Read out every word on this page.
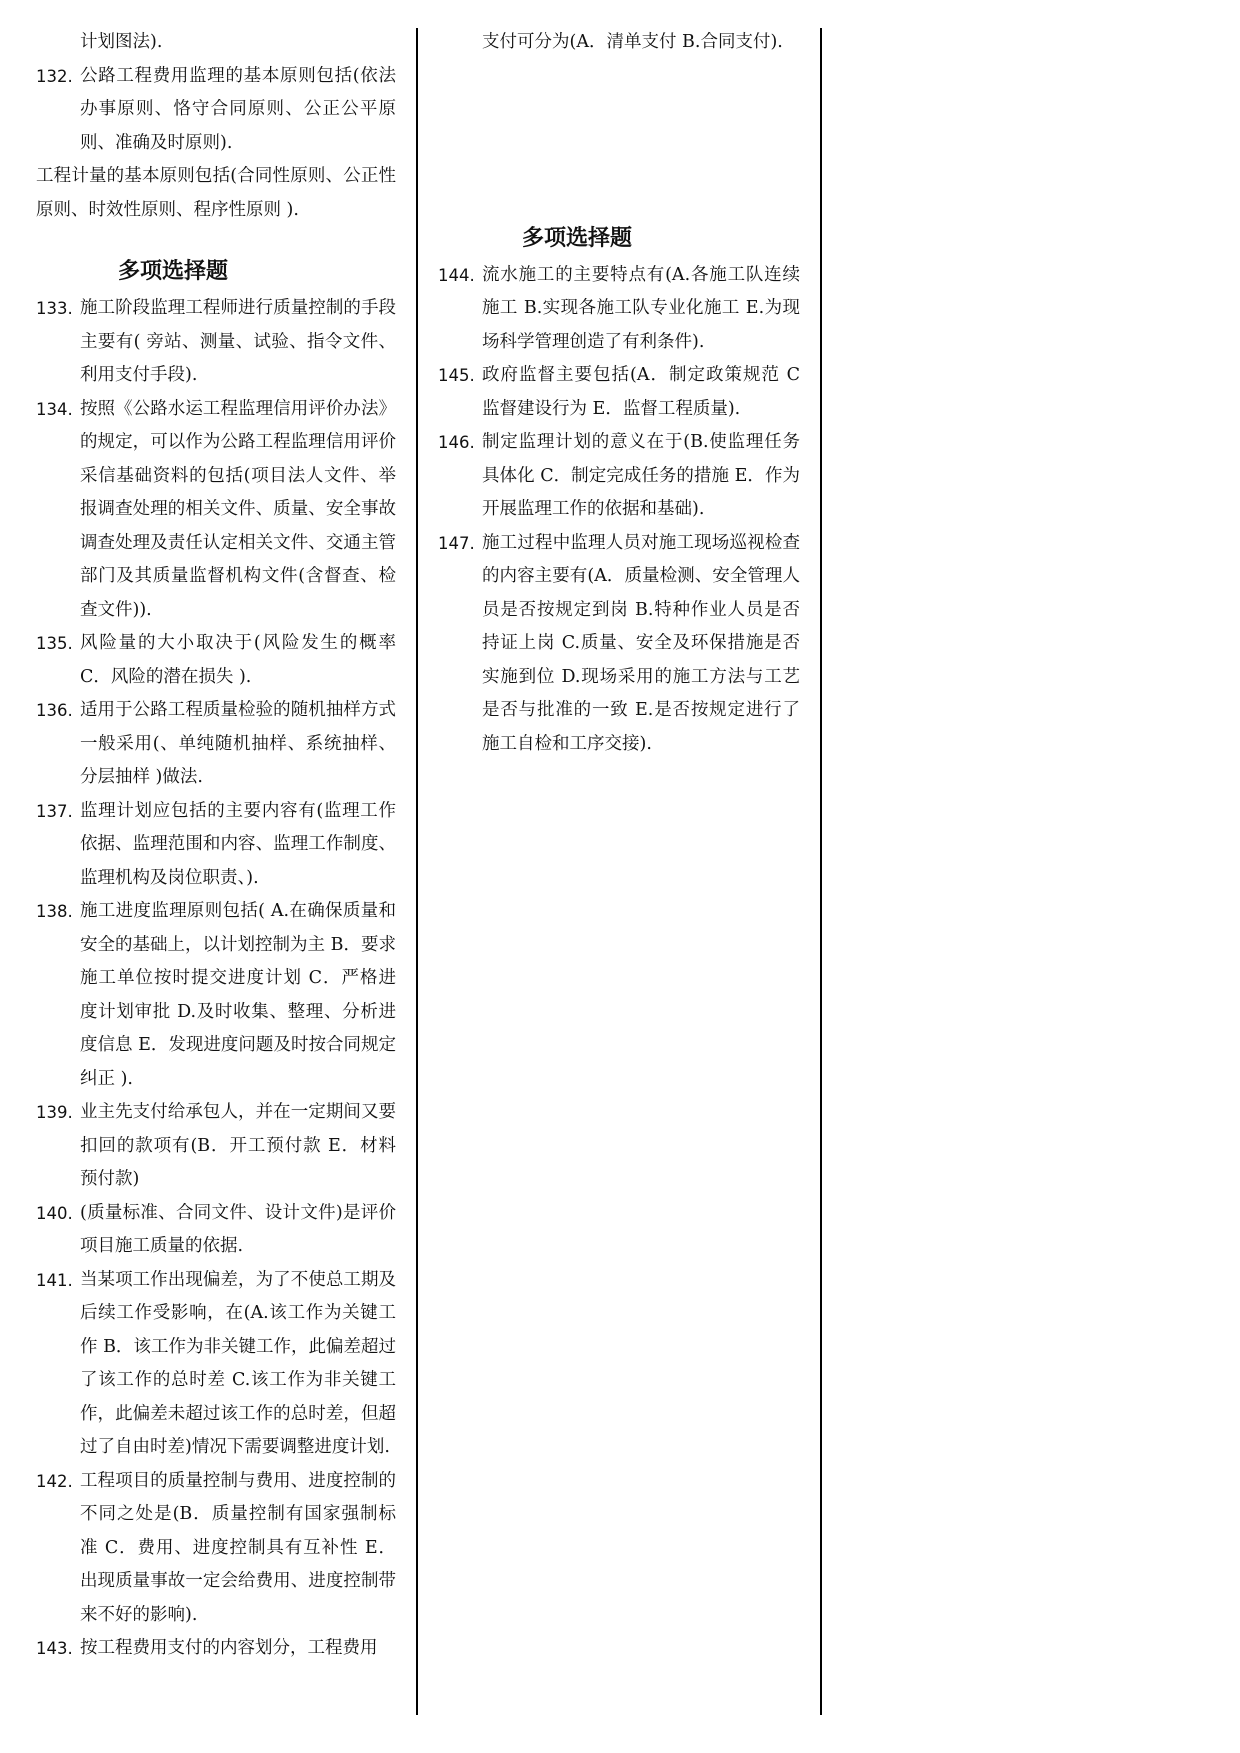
计划图法).
132. 公路工程费用监理的基本原则包括(依法办事原则、恪守合同原则、公正公平原则、准确及时原则).
工程计量的基本原则包括(合同性原则、公正性原则、时效性原则、程序性原则 ).
多项选择题
133. 施工阶段监理工程师进行质量控制的手段主要有( 旁站、测量、试验、指令文件、利用支付手段).
134. 按照《公路水运工程监理信用评价办法》的规定，可以作为公路工程监理信用评价采信基础资料的包括(项目法人文件、举报调查处理的相关文件、质量、安全事故调查处理及责任认定相关文件、交通主管部门及其质量监督机构文件(含督查、检查文件)).
135. 风险量的大小取决于(风险发生的概率 C．风险的潜在损失 ).
136. 适用于公路工程质量检验的随机抽样方式一般采用(、单纯随机抽样、系统抽样、分层抽样 )做法.
137. 监理计划应包括的主要内容有(监理工作依据、监理范围和内容、监理工作制度、监理机构及岗位职责、).
138. 施工进度监理原则包括( A.在确保质量和安全的基础上，以计划控制为主 B．要求施工单位按时提交进度计划 C．严格进度计划审批 D.及时收集、整理、分析进度信息 E．发现进度问题及时按合同规定纠正 ).
139. 业主先支付给承包人，并在一定期间又要扣回的款项有(B．开工预付款 E．材料预付款)
140. (质量标准、合同文件、设计文件)是评价项目施工质量的依据.
141. 当某项工作出现偏差，为了不使总工期及后续工作受影响，在(A.该工作为关键工作 B．该工作为非关键工作，此偏差超过了该工作的总时差 C.该工作为非关键工作，此偏差未超过该工作的总时差，但超过了自由时差)情况下需要调整进度计划.
142. 工程项目的质量控制与费用、进度控制的不同之处是(B．质量控制有国家强制标准 C．费用、进度控制具有互补性 E．出现质量事故一定会给费用、进度控制带来不好的影响).
143. 按工程费用支付的内容划分，工程费用
支付可分为(A．清单支付 B.合同支付).
多项选择题
144. 流水施工的主要特点有(A.各施工队连续施工 B.实现各施工队专业化施工 E.为现场科学管理创造了有利条件).
145. 政府监督主要包括(A．制定政策规范 C 监督建设行为 E．监督工程质量).
146. 制定监理计划的意义在于(B.使监理任务具体化 C．制定完成任务的措施 E．作为开展监理工作的依据和基础).
147. 施工过程中监理人员对施工现场巡视检查的内容主要有(A．质量检测、安全管理人员是否按规定到岗 B.特种作业人员是否持证上岗 C.质量、安全及环保措施是否实施到位 D.现场采用的施工方法与工艺是否与批准的一致 E.是否按规定进行了施工自检和工序交接).
